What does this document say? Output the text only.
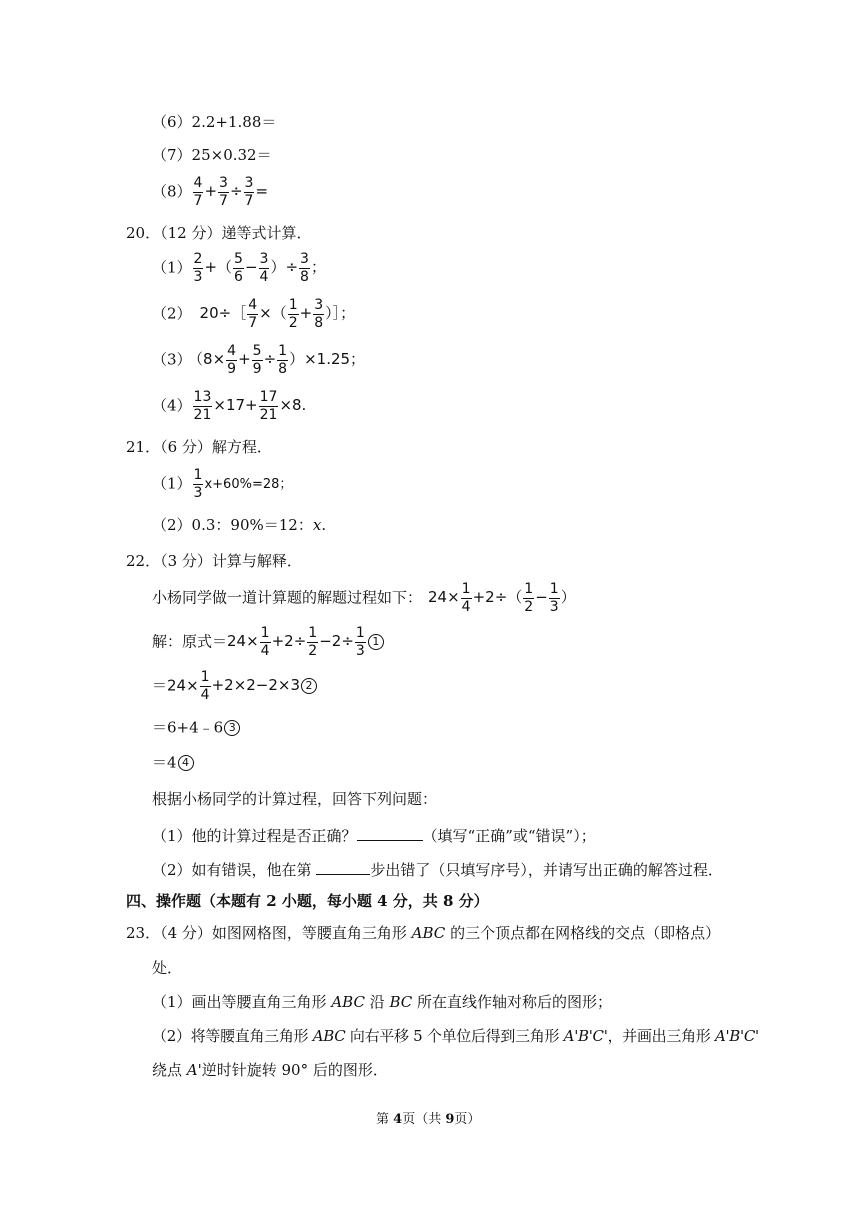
（6）2.2+1.88＝
（7）25×0.32＝
$(8) \frac{4}{7} + \frac{3}{7} \div \frac{3}{7}$ =
20．（12 分）递等式计算．
$(1) \frac{2}{3}$ +（ $\frac{5}{6} - \frac{3}{4}$ ）÷ $\frac{3}{8}$ ；
（2） 20÷［ $\frac{4}{7}$ ×（ $\frac{1}{2} + \frac{3}{8}$ ）］；
（3） $(8\times \frac{4}{9} + \frac{5}{9} \div \frac{1}{8} )\times 1.25$；
$(4) \frac{13}{21} \times 17+ \frac{17}{21} \times 8$.
21．（6 分）解方程．
$(1) \frac{1}{3} x+60\%=28$；
（2）0.3：90%＝12：x.
22．（3 分）计算与解释．
小杨同学做一道计算题的解题过程如下： $24\times \frac{1}{4} +2\div( \frac{1}{2} - \frac{1}{3}$ ）
解：原式$=24\times \frac{1}{4} +2\div \frac{1}{2} -2\div \frac{1}{3} 1$
$=24\times \frac{1}{4} +2\times 2-2\times 3$ 2
＝6+4﹣6 3
＝4 4
根据小杨同学的计算过程，回答下列问题：
（1）他的计算过程是否正确？	（填写“正确”或“错误”）；
（2）如有错误，他在第	步出错了（只填写序号），并请写出正确的解答过程．
四、操作题（本题有 2 小题，每小题 4 分，共 8 分）
23．（4 分）如图网格图，等腰直角三角形 ABC 的三个顶点都在网格线的交点（即格点）
处．
（1）画出等腰直角三角形 ABC 沿 BC 所在直线作轴对称后的图形；
（2）将等腰直角三角形 ABC 向右平移 5 个单位后得到三角形 A'B'C'，并画出三角形 A'B'C'
绕点 A'逆时针旋转 90° 后的图形．
第 4页（共 9页）
